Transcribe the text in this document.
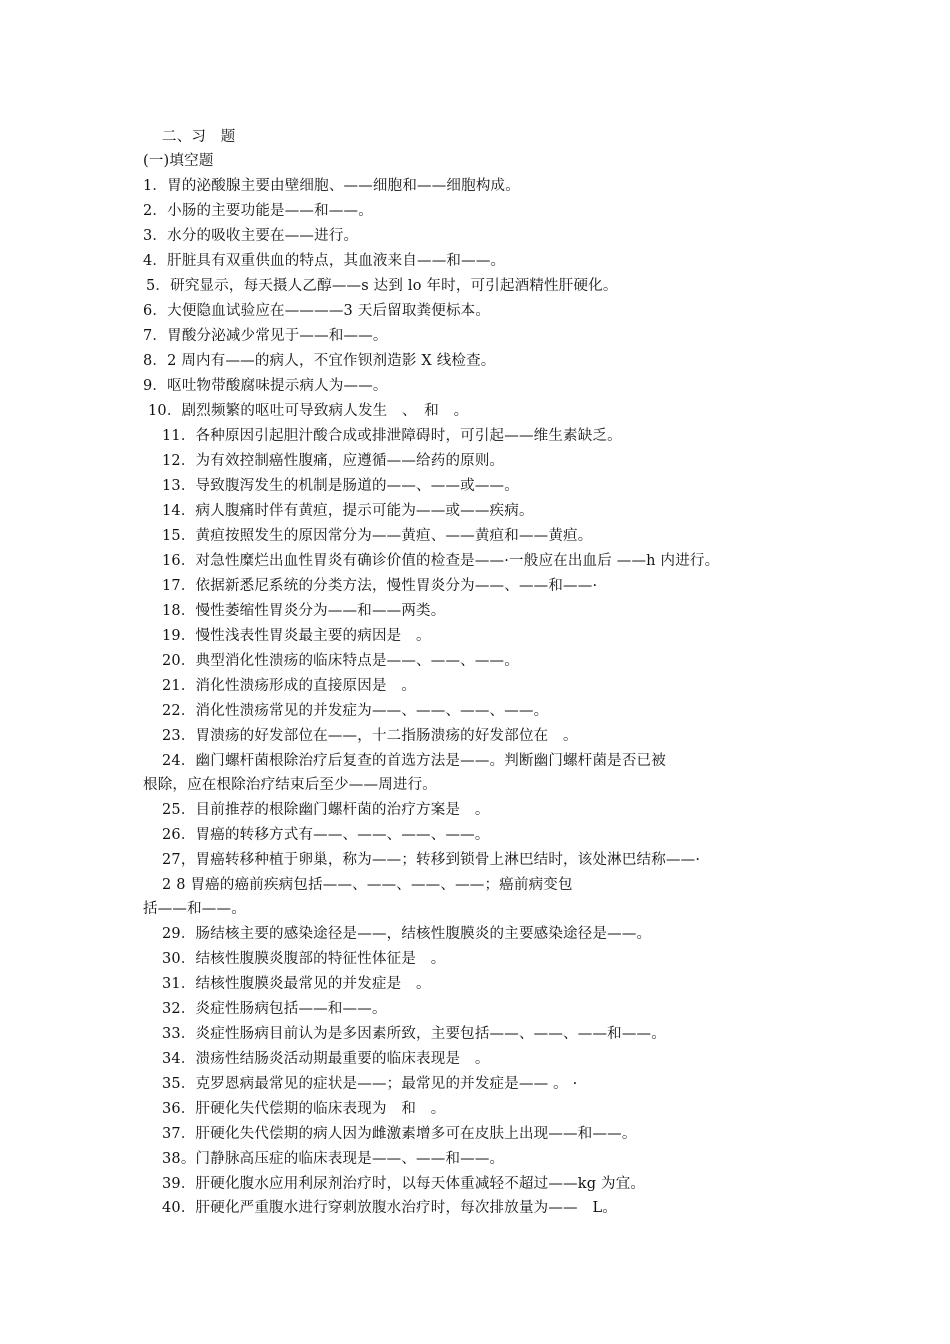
二、习　题
(一)填空题
1．胃的泌酸腺主要由壁细胞、——细胞和——细胞构成。
2．小肠的主要功能是——和——。
3．水分的吸收主要在——进行。
4．肝脏具有双重供血的特点，其血液来自——和——。
5．研究显示，每天摄人乙醇——s 达到 lo 年时，可引起酒精性肝硬化。
6．大便隐血试验应在————3 天后留取粪便标本。
7．胃酸分泌减少常见于——和——。
8．2 周内有——的病人，不宜作钡剂造影 X 线检查。
9．呕吐物带酸腐味提示病人为——。
10．剧烈频繁的呕吐可导致病人发生　、　和　。
11．各种原因引起胆汁酸合成或排泄障碍时，可引起——维生素缺乏。
12．为有效控制癌性腹痛，应遵循——给药的原则。
13．导致腹泻发生的机制是肠道的——、——或——。
14．病人腹痛时伴有黄疸，提示可能为——或——疾病。
15．黄疸按照发生的原因常分为——黄疸、——黄疸和——黄疸。
16．对急性糜烂出血性胃炎有确诊价值的检查是——·一般应在出血后 ——h 内进行。
17．依据新悉尼系统的分类方法，慢性胃炎分为——、——和——·
18．慢性萎缩性胃炎分为——和——两类。
19．慢性浅表性胃炎最主要的病因是　。
20．典型消化性溃疡的临床特点是——、——、——。
21．消化性溃疡形成的直接原因是　。
22．消化性溃疡常见的并发症为——、——、——、——。
23．胃溃疡的好发部位在——，十二指肠溃疡的好发部位在　。
24．幽门螺杆菌根除治疗后复查的首选方法是——。判断幽门螺杆菌是否已被
根除，应在根除治疗结束后至少——周进行。
25．目前推荐的根除幽门螺杆菌的治疗方案是　。
26．胃癌的转移方式有——、——、——、——。
27，胃癌转移种植于卵巢，称为——；转移到锁骨上淋巴结时，该处淋巴结称——·
2 8 胃癌的癌前疾病包括——、——、——、——；癌前病变包
括——和——。
29．肠结核主要的感染途径是——，结核性腹膜炎的主要感染途径是——。
30．结核性腹膜炎腹部的特征性体征是　。
31．结核性腹膜炎最常见的并发症是　。
32．炎症性肠病包括——和——。
33．炎症性肠病目前认为是多因素所致，主要包括——、——、——和——。
34．溃疡性结肠炎活动期最重要的临床表现是　。
35．克罗恩病最常见的症状是——；最常见的并发症是—— 。 ·
36．肝硬化失代偿期的临床表现为　和　。
37．肝硬化失代偿期的病人因为雌激素增多可在皮肤上出现——和——。
38。门静脉高压症的临床表现是——、——和——。
39．肝硬化腹水应用利尿剂治疗时，以每天体重减轻不超过——kg 为宜。
40．肝硬化严重腹水进行穿刺放腹水治疗时，每次排放量为——　L。
